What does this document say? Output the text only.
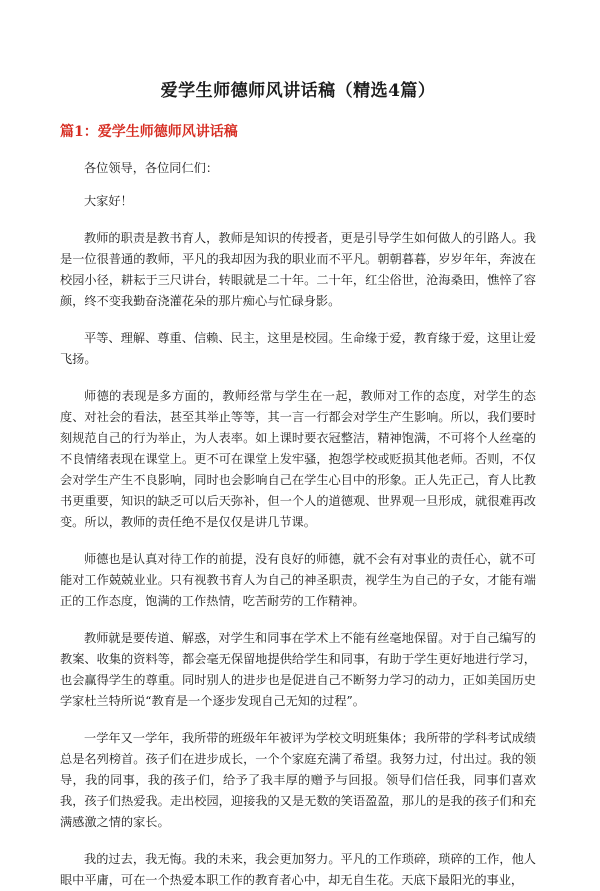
爱学生师德师风讲话稿（精选4篇）
篇1：爱学生师德师风讲话稿

各位领导，各位同仁们：

大家好！

教师的职责是教书育人，教师是知识的传授者，更是引导学生如何做人的引路人。我是一位很普通的教师，平凡的我却因为我的职业而不平凡。朝朝暮暮，岁岁年年，奔波在校园小径，耕耘于三尺讲台，转眼就是二十年。二十年，红尘俗世，沧海桑田，憔悴了容颜，终不变我勤奋浇灌花朵的那片痴心与忙碌身影。

平等、理解、尊重、信赖、民主，这里是校园。生命缘于爱，教育缘于爱，这里让爱飞扬。

师德的表现是多方面的，教师经常与学生在一起，教师对工作的态度，对学生的态度、对社会的看法，甚至其举止等等，其一言一行都会对学生产生影响。所以，我们要时刻规范自己的行为举止，为人表率。如上课时要衣冠整洁，精神饱满，不可将个人丝毫的不良情绪表现在课堂上。更不可在课堂上发牢骚，抱怨学校或贬损其他老师。否则，不仅会对学生产生不良影响，同时也会影响自己在学生心目中的形象。正人先正己，育人比教书更重要，知识的缺乏可以后天弥补，但一个人的道德观、世界观一旦形成，就很难再改变。所以，教师的责任绝不是仅仅是讲几节课。

师德也是认真对待工作的前提，没有良好的师德，就不会有对事业的责任心，就不可能对工作兢兢业业。只有视教书育人为自己的神圣职责，视学生为自己的子女，才能有端正的工作态度，饱满的工作热情，吃苦耐劳的工作精神。

教师就是要传道、解惑，对学生和同事在学术上不能有丝毫地保留。对于自己编写的教案、收集的资料等，都会毫无保留地提供给学生和同事，有助于学生更好地进行学习，也会赢得学生的尊重。同时别人的进步也是促进自己不断努力学习的动力，正如美国历史学家杜兰特所说“教育是一个逐步发现自己无知的过程”。

一学年又一学年，我所带的班级年年被评为学校文明班集体；我所带的学科考试成绩总是名列榜首。孩子们在进步成长，一个个家庭充满了希望。我努力过，付出过。我的领导，我的同事，我的孩子们，给予了我丰厚的赠予与回报。领导们信任我，同事们喜欢我，孩子们热爱我。走出校园，迎接我的又是无数的笑语盈盈，那儿的是我的孩子们和充满感激之情的家长。

我的过去，我无悔。我的未来，我会更加努力。平凡的工作琐碎，琐碎的工作，他人眼中平庸，可在一个热爱本职工作的教育者心中，却无自生花。天底下最阳光的事业，
